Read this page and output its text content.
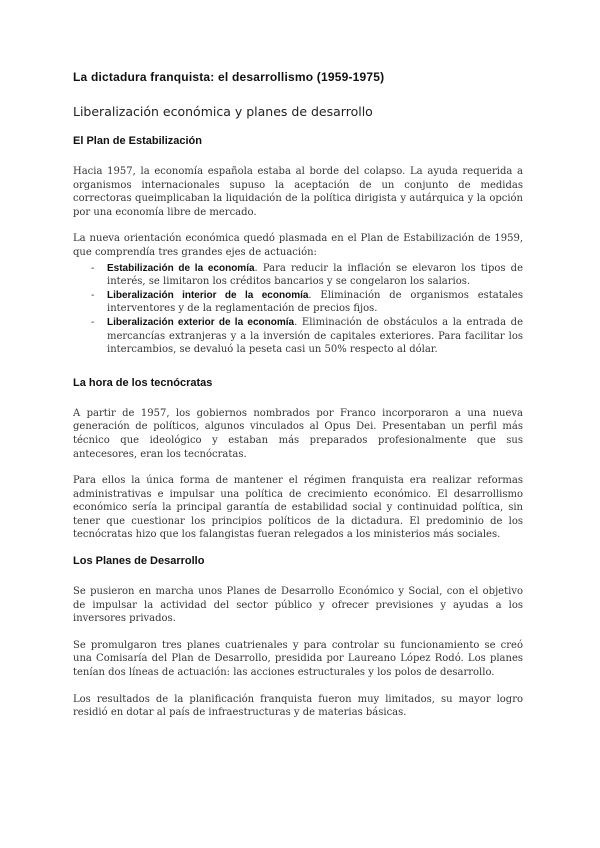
La dictadura franquista: el desarrollismo (1959-1975)
Liberalización económica y planes de desarrollo
El Plan de Estabilización

Hacia 1957, la economía española estaba al borde del colapso. La ayuda requerida a organismos internacionales supuso la aceptación de un conjunto de medidas correctoras queimplicaban la liquidación de la política dirigista y autárquica y la opción por una economía libre de mercado.

La nueva orientación económica quedó plasmada en el Plan de Estabilización de 1959, que comprendía tres grandes ejes de actuación:

- Estabilización de la economía. Para reducir la inflación se elevaron los tipos de interés, se limitaron los créditos bancarios y se congelaron los salarios.
- Liberalización interior de la economía. Eliminación de organismos estatales interventores y de la reglamentación de precios fijos.
- Liberalización exterior de la economía. Eliminación de obstáculos a la entrada de mercancías extranjeras y a la inversión de capitales exteriores. Para facilitar los intercambios, se devaluó la peseta casi un 50% respecto al dólar.
La hora de los tecnócratas

A partir de 1957, los gobiernos nombrados por Franco incorporaron a una nueva generación de políticos, algunos vinculados al Opus Dei. Presentaban un perfil más técnico que ideológico y estaban más preparados profesionalmente que sus antecesores, eran los tecnócratas.

Para ellos la única forma de mantener el régimen franquista era realizar reformas administrativas e impulsar una política de crecimiento económico. El desarrollismo económico sería la principal garantía de estabilidad social y continuidad política, sin tener que cuestionar los principios políticos de la dictadura. El predominio de los tecnócratas hizo que los falangistas fueran relegados a los ministerios más sociales.

Los Planes de Desarrollo

Se pusieron en marcha unos Planes de Desarrollo Económico y Social, con el objetivo de impulsar la actividad del sector público y ofrecer previsiones y ayudas a los inversores privados.

Se promulgaron tres planes cuatrienales y para controlar su funcionamiento se creó una Comisaría del Plan de Desarrollo, presidida por Laureano López Rodó. Los planes tenían dos líneas de actuación: las acciones estructurales y los polos de desarrollo.

Los resultados de la planificación franquista fueron muy limitados, su mayor logro residió en dotar al país de infraestructuras y de materias básicas.
